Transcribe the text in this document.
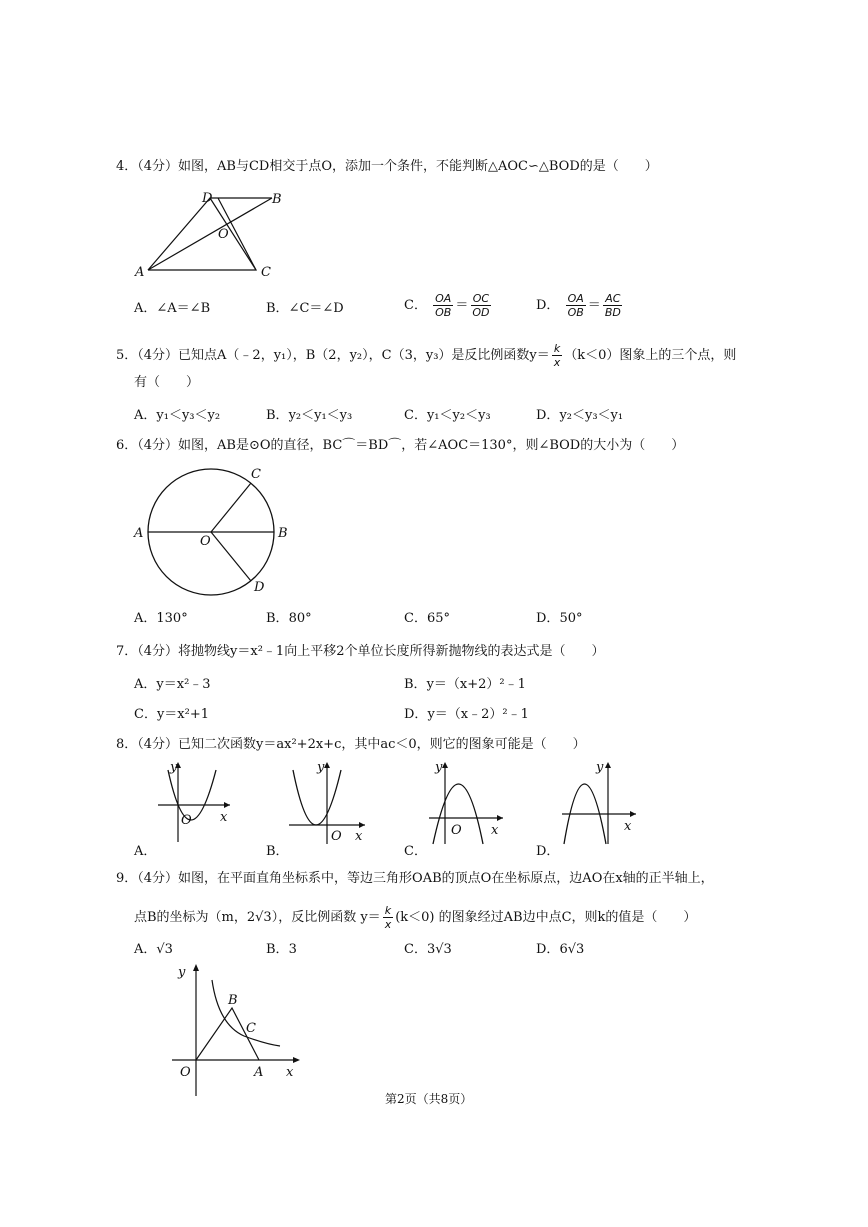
4．（4分）如图，AB与CD相交于点O，添加一个条件，不能判断△AOC∽△BOD的是（　　）
D	B
O
A	C
A．∠A＝∠B	B．∠C＝∠D	C． $\frac{OA}{OB} = \frac{OC}{OD}$	D． $\frac{OA}{OB} = \frac{AC}{BD}$
5．（4分）已知点A（﹣2，y₁），B（2，y₂），C（3，y₃）是反比例函数$y= \frac{k}{x} (k<0)$图象上的三个点，则
有（　　）
A．y₁＜y₃＜y₂	B．y₂＜y₁＜y₃	C．y₁＜y₂＜y₃	D．y₂＜y₃＜y₁
6．（4分）如图，AB是⊙O的直径，BC⌒＝BD⌒，若∠AOC＝130°，则∠BOD的大小为（　　）
A	B
O
C
D
A．130°	B．80°	C．65°	D．50°
7．（4分）将抛物线y＝x²﹣1向上平移2个单位长度所得新抛物线的表达式是（　　）
A．y＝x²﹣3	B．y＝（x+2）²﹣1
C．y＝x²+1	D．y＝（x﹣2）²﹣1
8．（4分）已知二次函数y＝ax²+2x+c，其中ac＜0，则它的图象可能是（　　）
y
x
O
y
x
O
y
x
O
y
x
A．	B．	C．	D．
9．（4分）如图，在平面直角坐标系中，等边三角形OAB的顶点O在坐标原点，边AO在x轴的正半轴上，
点B的坐标为（m，2√3），反比例函数 $y= \frac{k}{x} (k<0)$ 的图象经过AB边中点C，则k的值是（　　）
A．√3	B．3	C．3√3	D．6√3
y
x
O	A
B
C
第2页（共8页）
